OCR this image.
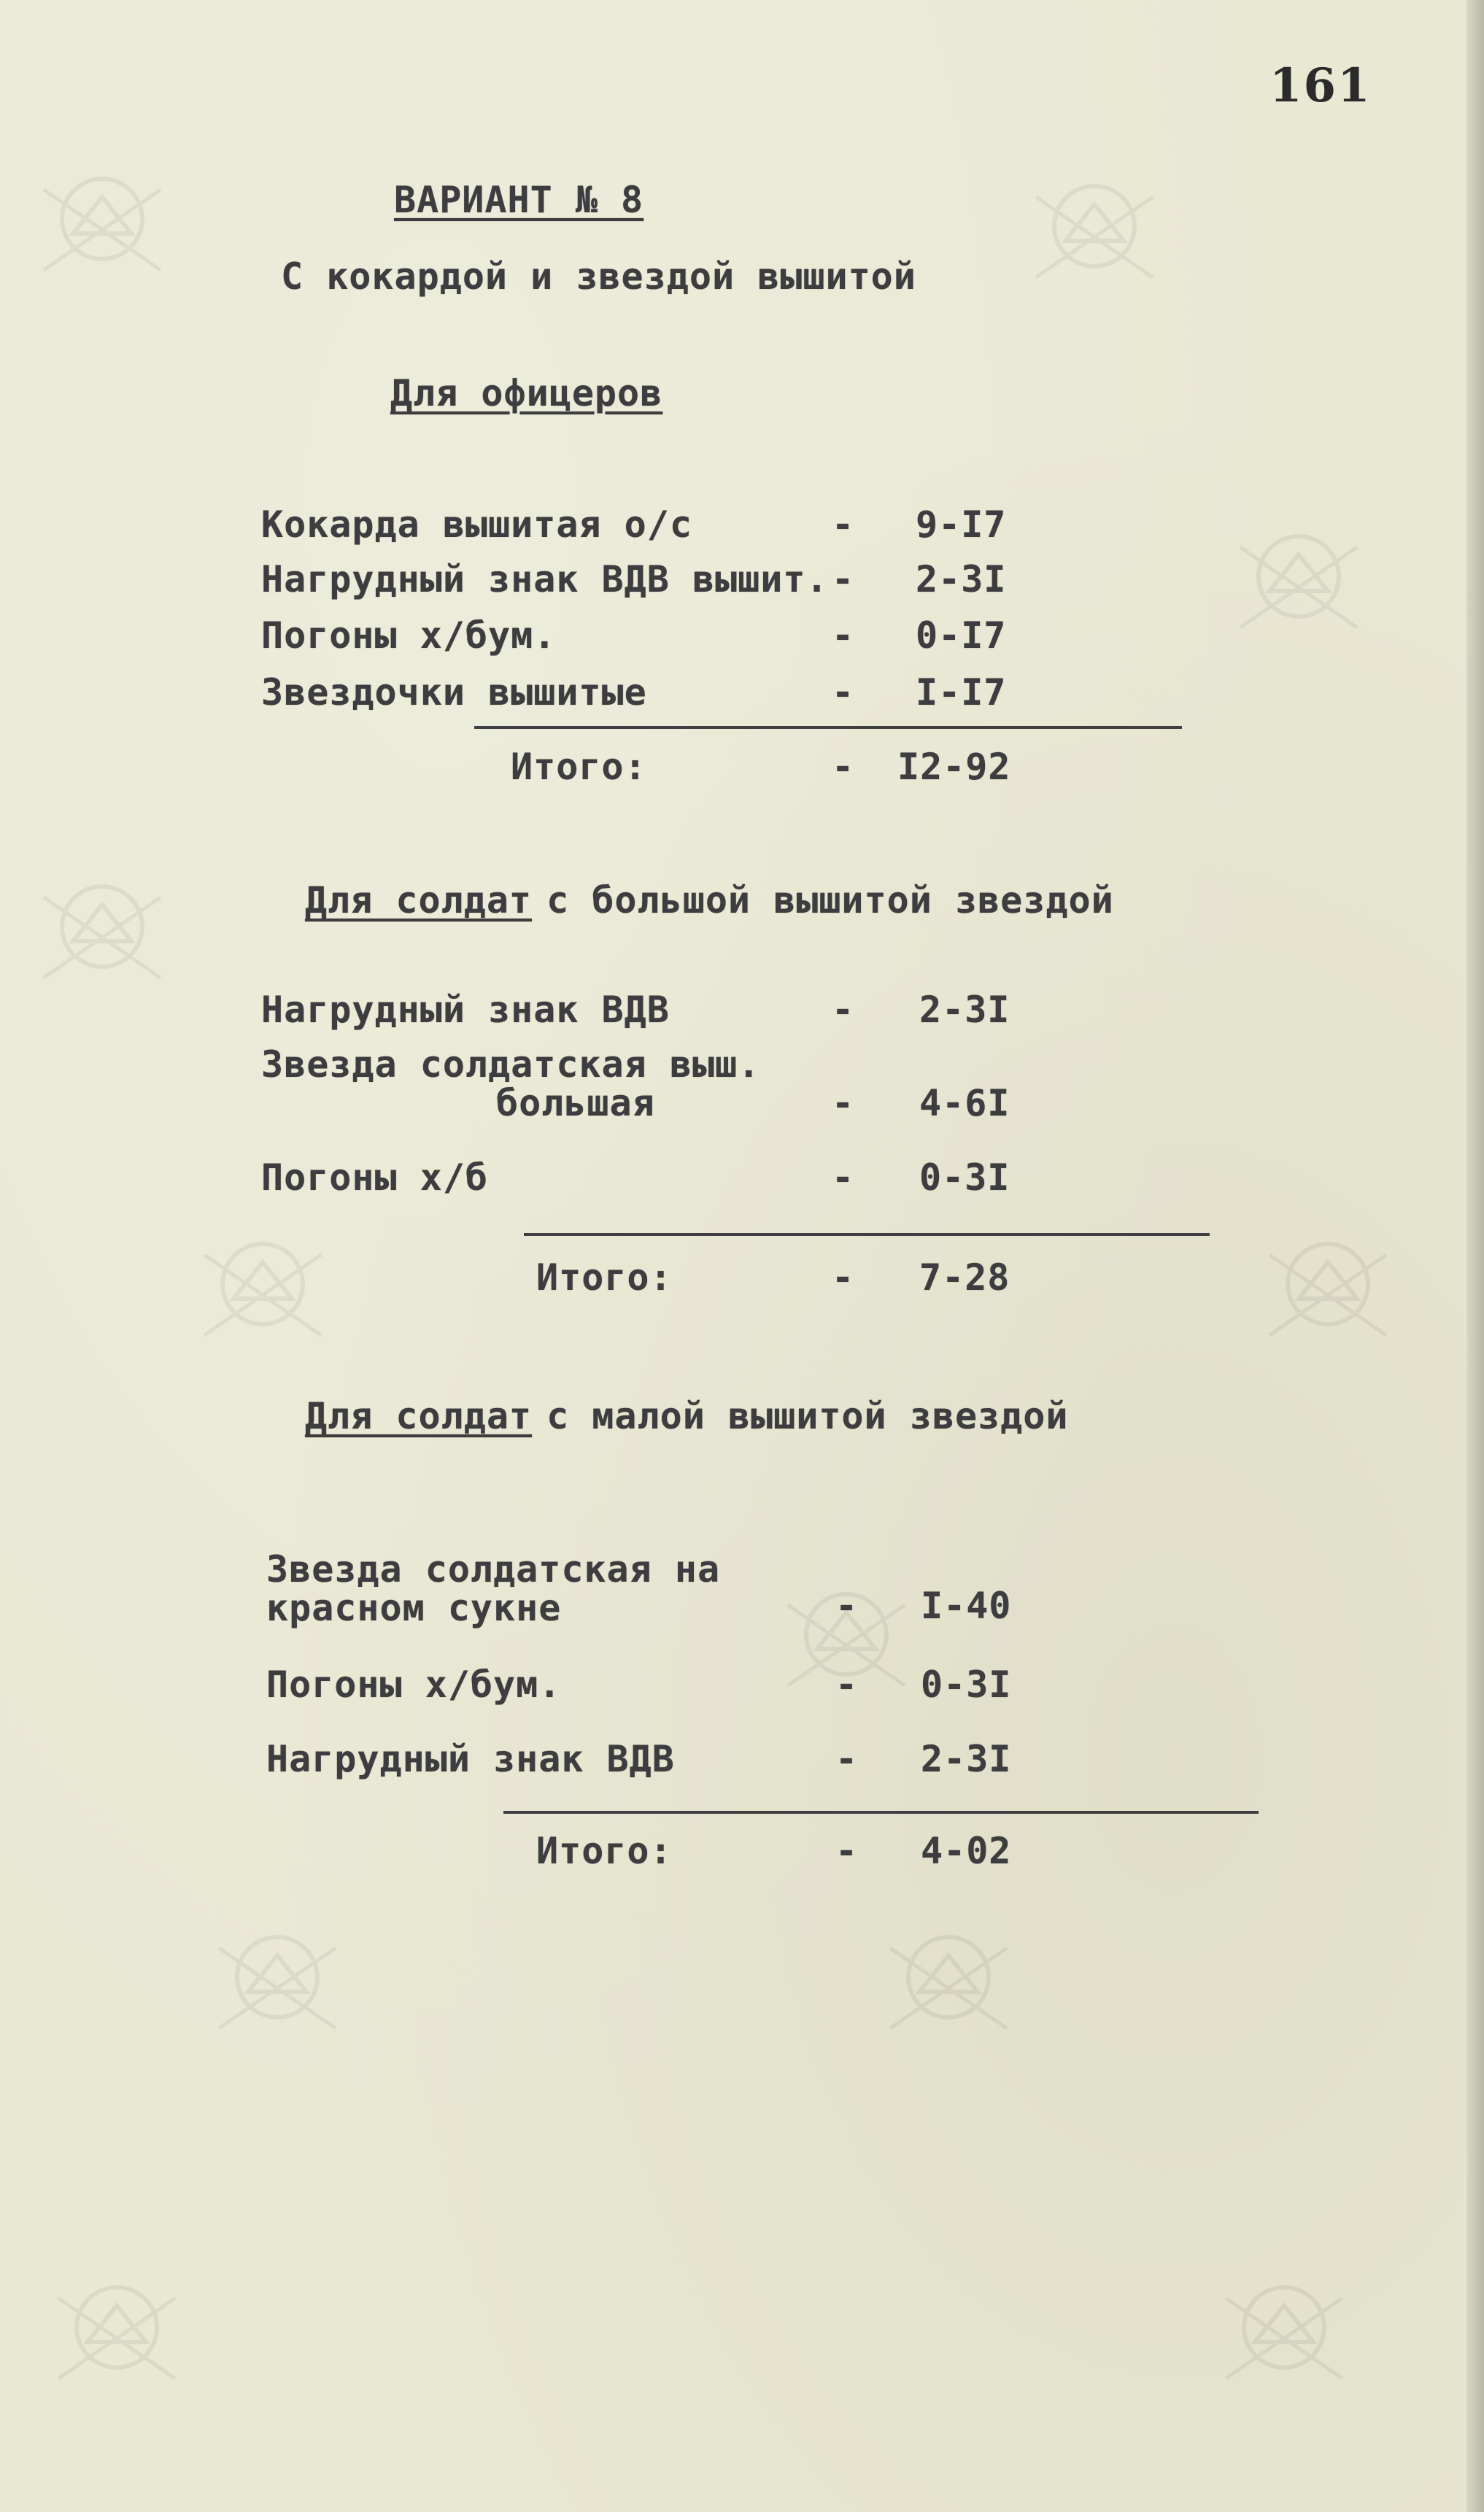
161
ВАРИАНТ № 8
С кокардой и звездой вышитой
Для офицеров
Кокарда вышитая о/с	- 9-I7
Нагрудный знак ВДВ вышит. - 2-3I
Погоны х/бум.	- 0-I7
Звездочки вышитые	- I-I7
Итого:	- I2-92
Для солдат
с большой вышитой звездой
Нагрудный знак ВДВ	- 2-3I
Звезда солдатская выш.
большая	- 4-6I
Погоны х/б	- 0-3I
Итого:	- 7-28
Для солдат
с малой вышитой звездой
Звезда солдатская на
красном сукне	- I-40
Погоны х/бум.	- 0-3I
Нагрудный знак ВДВ	- 2-3I
Итого:	- 4-02
